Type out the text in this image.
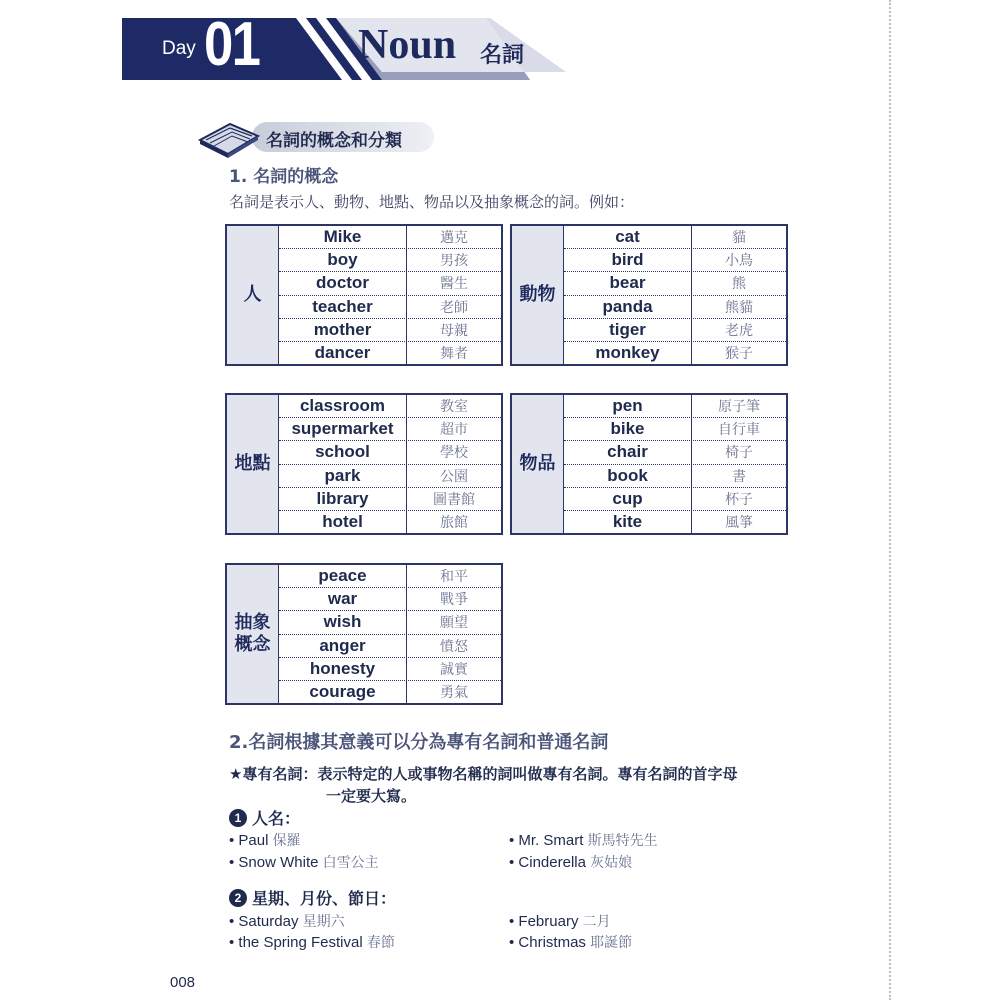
Day 01 Noun 名詞
名詞的概念和分類
1. 名詞的概念
名詞是表示人、動物、地點、物品以及抽象概念的詞。例如：
人
Mike	邁克
boy	男孩
doctor	醫生
teacher	老師
mother	母親
dancer	舞者
動物
cat	貓
bird	小鳥
bear	熊
panda	熊貓
tiger	老虎
monkey	猴子
地點
classroom	教室
supermarket	超市
school	學校
park	公園
library	圖書館
hotel	旅館
物品
pen	原子筆
bike	自行車
chair	椅子
book	書
cup	杯子
kite	風箏
抽象
概念
peace	和平
war	戰爭
wish	願望
anger	憤怒
honesty	誠實
courage	勇氣
2.名詞根據其意義可以分為專有名詞和普通名詞
★專有名詞：表示特定的人或事物名稱的詞叫做專有名詞。專有名詞的首字母
一定要大寫。
1 人名：
• Paul 保羅	• Mr. Smart 斯馬特先生
• Snow White 白雪公主	• Cinderella 灰姑娘
2 星期、月份、節日：
• Saturday 星期六	• February 二月
• the Spring Festival 春節	• Christmas 耶誕節
008
